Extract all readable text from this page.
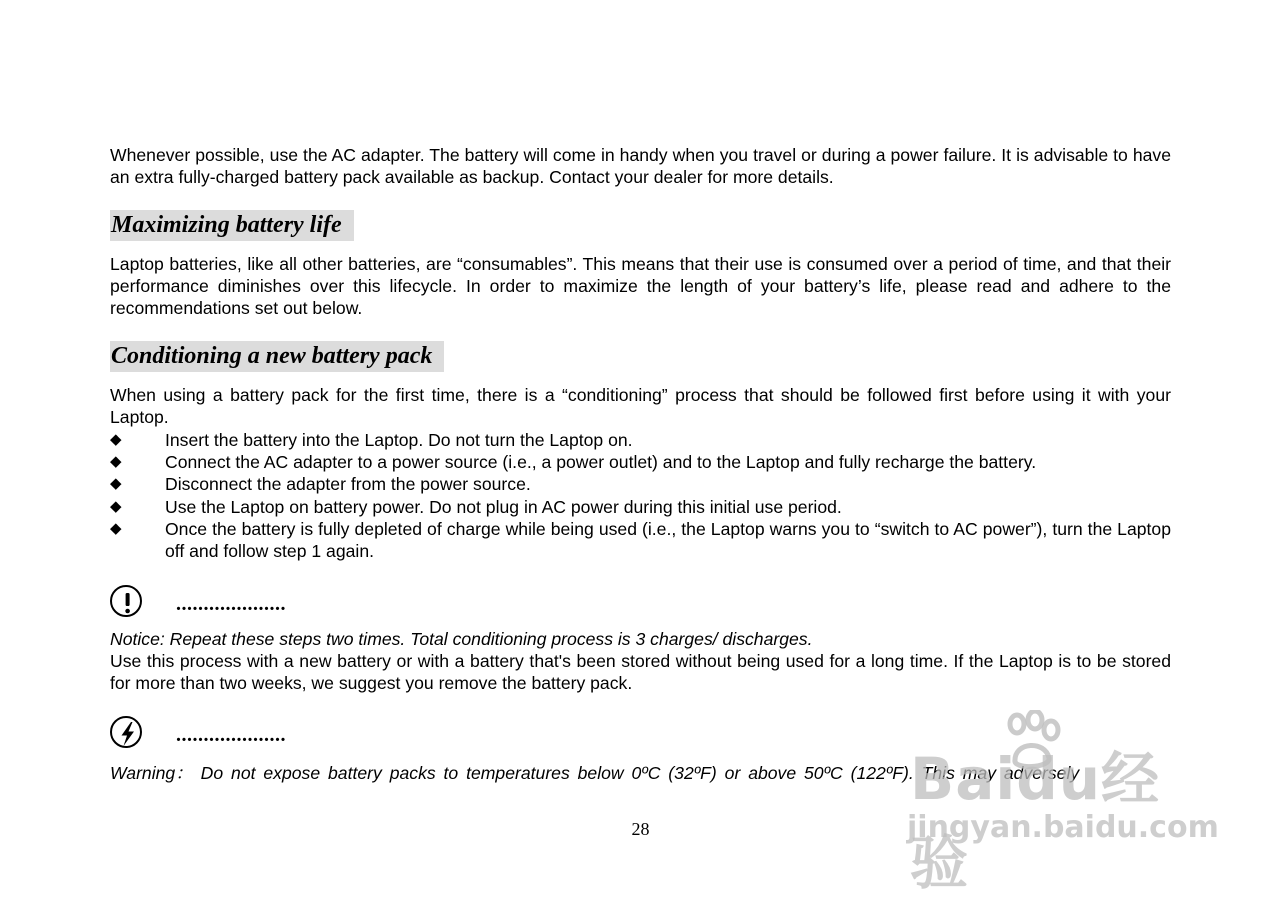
Whenever possible, use the AC adapter. The battery will come in handy when you travel or during a power failure. It is advisable to have an extra fully-charged battery pack available as backup. Contact your dealer for more details.

Maximizing battery life

Laptop batteries, like all other batteries, are “consumables”. This means that their use is consumed over a period of time, and that their performance diminishes over this lifecycle. In order to maximize the length of your battery’s life, please read and adhere to the recommendations set out below.

Conditioning a new battery pack

When using a battery pack for the first time, there is a “conditioning” process that should be followed first before using it with your Laptop.

◆	Insert the battery into the Laptop. Do not turn the Laptop on.
◆	Connect the AC adapter to a power source (i.e., a power outlet) and to the Laptop and fully recharge the battery.
◆	Disconnect the adapter from the power source.
◆	Use the Laptop on battery power. Do not plug in AC power during this initial use period.
◆	Once the battery is fully depleted of charge while being used (i.e., the Laptop warns you to “switch to AC power”), turn the Laptop off and follow step 1 again.
....................
Notice: Repeat these steps two times. Total conditioning process is 3 charges/ discharges.

Use this process with a new battery or with a battery that's been stored without being used for a long time. If the Laptop is to be stored for more than two weeks, we suggest you remove the battery pack.

....................
Warning： Do not expose battery packs to temperatures below 0ºC (32ºF) or above 50ºC (122ºF). This may adversely
28
Baidu经验
jingyan.baidu.com
